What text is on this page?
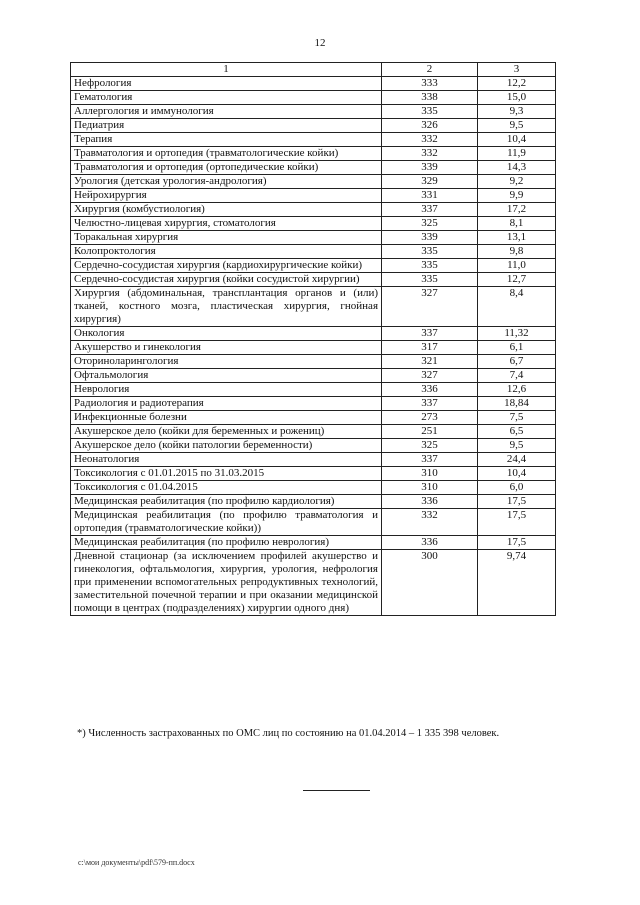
12
1	2	3
Нефрология	333	12,2
Гематология	338	15,0
Аллергология и иммунология	335	9,3
Педиатрия	326	9,5
Терапия	332	10,4
Травматология и ортопедия (травматологические койки)	332	11,9
Травматология и ортопедия (ортопедические койки)	339	14,3
Урология (детская урология-андрология)	329	9,2
Нейрохирургия	331	9,9
Хирургия (комбустиология)	337	17,2
Челюстно-лицевая хирургия, стоматология	325	8,1
Торакальная хирургия	339	13,1
Колопроктология	335	9,8
Сердечно-сосудистая хирургия (кардиохирургические койки)	335	11,0
Сердечно-сосудистая хирургия (койки сосудистой хирургии)	335	12,7
Хирургия (абдоминальная, трансплантация органов и (или) тканей, костного мозга, пластическая хирургия, гнойная хирургия)	327	8,4
Онкология	337	11,32
Акушерство и гинекология	317	6,1
Оториноларингология	321	6,7
Офтальмология	327	7,4
Неврология	336	12,6
Радиология и радиотерапия	337	18,84
Инфекционные болезни	273	7,5
Акушерское дело (койки для беременных и рожениц)	251	6,5
Акушерское дело (койки патологии беременности)	325	9,5
Неонатология	337	24,4
Токсикология с 01.01.2015 по 31.03.2015	310	10,4
Токсикология с 01.04.2015	310	6,0
Медицинская реабилитация (по профилю кардиология)	336	17,5
Медицинская реабилитация (по профилю травматология и ортопедия (травматологические койки))	332	17,5
Медицинская реабилитация (по профилю неврология)	336	17,5
Дневной стационар (за исключением профилей акушерство и гинекология, офтальмология, хирургия, урология, нефрология при применении вспомогательных репродуктивных технологий, заместительной почечной терапии и при оказании медицинской помощи в центрах (подразделениях) хирургии одного дня)	300	9,74
*) Численность застрахованных по ОМС лиц по состоянию на 01.04.2014 – 1 335 398 человек.
c:\мои документы\pdf\579-пп.docx
